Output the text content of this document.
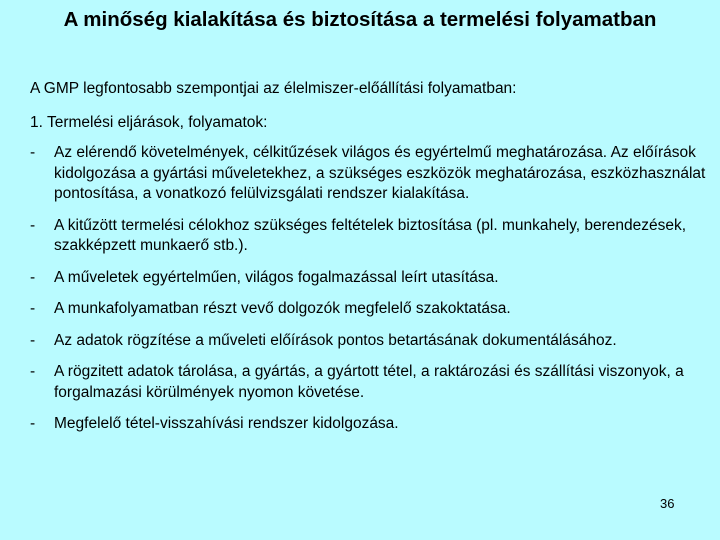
A minőség kialakítása és biztosítása a termelési folyamatban
A GMP legfontosabb szempontjai az élelmiszer-előállítási folyamatban:
1. Termelési eljárások, folyamatok:
- Az elérendő követelmények, célkitűzések világos és egyértelmű meghatározása. Az előírások kidolgozása a gyártási műveletekhez, a szükséges eszközök meghatározása, eszközhasználat pontosítása, a vonatkozó felülvizsgálati rendszer kialakítása.
- A kitűzött termelési célokhoz szükséges feltételek biztosítása (pl. munkahely, berendezések, szakképzett munkaerő stb.).
- A műveletek egyértelműen, világos fogalmazással leírt utasítása.
- A munkafolyamatban részt vevő dolgozók megfelelő szakoktatása.
- Az adatok rögzítése a műveleti előírások pontos betartásának dokumentálásához.
- A rögzitett adatok tárolása, a gyártás, a gyártott tétel, a raktározási és szállítási viszonyok, a forgalmazási körülmények nyomon követése.
- Megfelelő tétel-visszahívási rendszer kidolgozása.
36
